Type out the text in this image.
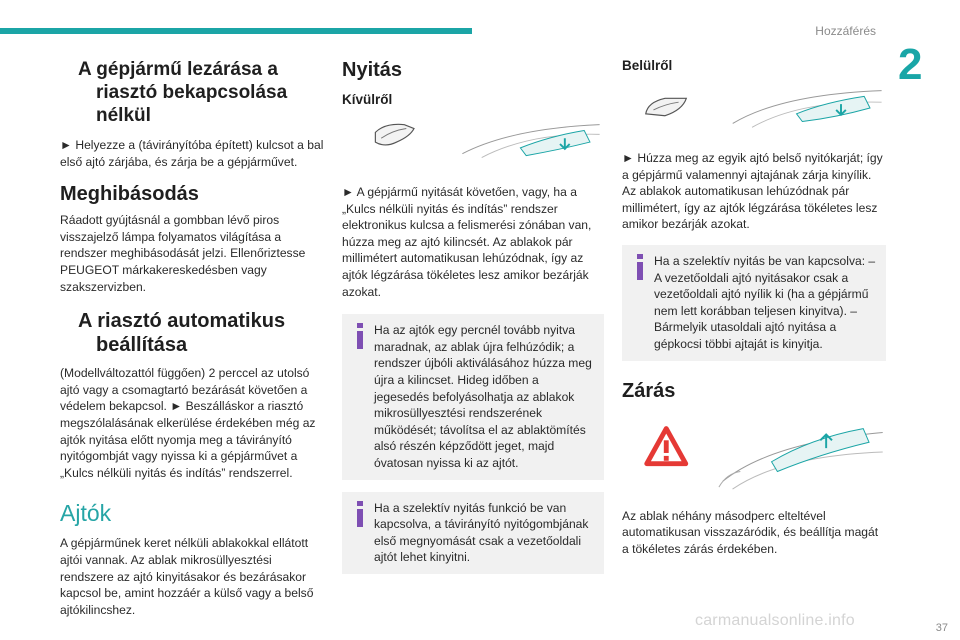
Hozzáférés
2
A gépjármű lezárása a riasztó bekapcsolása nélkül

► Helyezze a (távirányítóba épített) kulcsot a bal első ajtó zárjába, és zárja be a gépjárművet.

Meghibásodás

Ráadott gyújtásnál a gombban lévő piros visszajelző lámpa folyamatos világítása a rendszer meghibásodását jelzi. Ellenőriztesse PEUGEOT márkakereskedésben vagy szakszervizben.

A riasztó automatikus beállítása

(Modellváltozattól függően) 2 perccel az utolsó ajtó vagy a csomagtartó bezárását követően a védelem bekapcsol. ► Beszálláskor a riasztó megszólalásának elkerülése érdekében még az ajtók nyitása előtt nyomja meg a távirányító nyitógombját vagy nyissa ki a gépjárművet a „Kulcs nélküli nyitás és indítás” rendszerrel.

Ajtók

A gépjárműnek keret nélküli ablakokkal ellátott ajtói vannak. Az ablak mikrosüllyesztési rendszere az ajtó kinyitásakor és bezárásakor kapcsol be, amint hozzáér a külső vagy a belső ajtókilincshez.

Nyitás
Kívülről

► A gépjármű nyitását követően, vagy, ha a „Kulcs nélküli nyitás és indítás” rendszer elektronikus kulcsa a felismerési zónában van, húzza meg az ajtó kilincsét. Az ablakok pár millimétert automatikusan lehúzódnak, így az ajtók légzárása tökéletes lesz amikor bezárják azokat.

Ha az ajtók egy percnél tovább nyitva maradnak, az ablak újra felhúzódik; a rendszer újbóli aktiválásához húzza meg újra a kilincset. Hideg időben a jegesedés befolyásolhatja az ablakok mikrosüllyesztési rendszerének működését; távolítsa el az ablaktömítés alsó részén képződött jeget, majd óvatosan nyissa ki az ajtót.
Ha a szelektív nyitás funkció be van kapcsolva, a távirányító nyitógombjának első megnyomását csak a vezetőoldali ajtót lehet kinyitni.
Belülről

► Húzza meg az egyik ajtó belső nyitókarját; így a gépjármű valamennyi ajtajának zárja kinyílik. Az ablakok automatikusan lehúzódnak pár millimétert, így az ajtók légzárása tökéletes lesz amikor bezárják azokat.

Ha a szelektív nyitás be van kapcsolva: – A vezetőoldali ajtó nyitásakor csak a vezetőoldali ajtó nyílik ki (ha a gépjármű nem lett korábban teljesen kinyitva). – Bármelyik utasoldali ajtó nyitása a gépkocsi többi ajtaját is kinyitja.
Zárás

Az ablak néhány másodperc elteltével automatikusan visszazáródik, és beállítja magát a tökéletes zárás érdekében.

37
carmanualsonline.info
